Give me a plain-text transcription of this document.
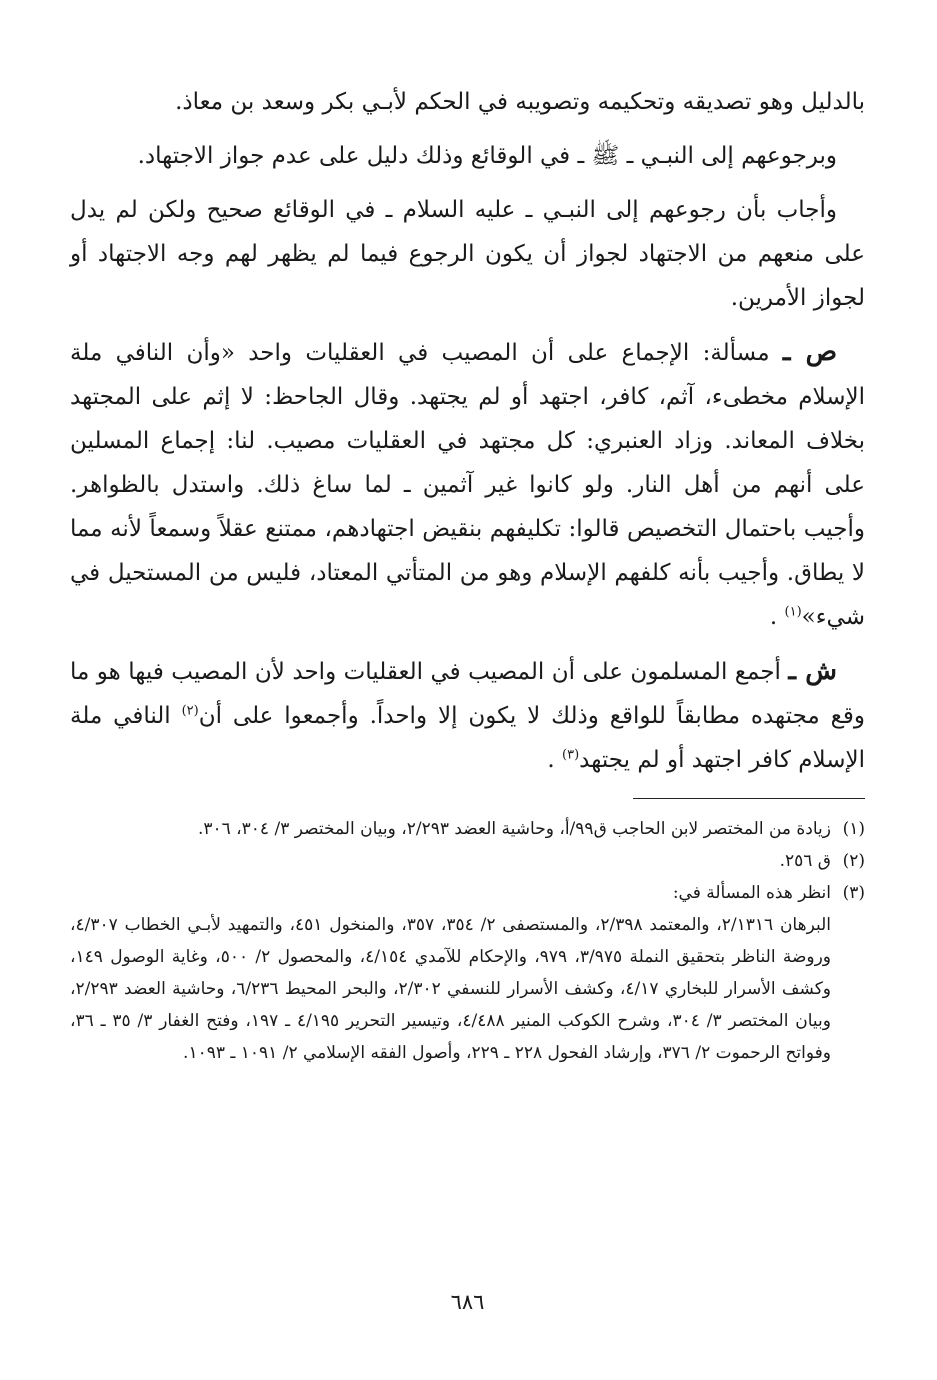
بالدليل وهو تصديقه وتحكيمه وتصويبه في الحكم لأبـي بكر وسعد بن معاذ.

وبرجوعهم إلى النبـي ـ ﷺ ـ في الوقائع وذلك دليل على عدم جواز الاجتهاد.

وأجاب بأن رجوعهم إلى النبـي ـ عليه السلام ـ في الوقائع صحيح ولكن لم يدل على منعهم من الاجتهاد لجواز أن يكون الرجوع فيما لم يظهر لهم وجه الاجتهاد أو لجواز الأمرين.

ص ـ مسألة: الإجماع على أن المصيب في العقليات واحد «وأن النافي ملة الإسلام مخطىء، آثم، كافر، اجتهد أو لم يجتهد. وقال الجاحظ: لا إثم على المجتهد بخلاف المعاند. وزاد العنبري: كل مجتهد في العقليات مصيب. لنا: إجماع المسلين على أنهم من أهل النار. ولو كانوا غير آثمين ـ لما ساغ ذلك. واستدل بالظواهر. وأجيب باحتمال التخصيص قالوا: تكليفهم بنقيض اجتهادهم، ممتنع عقلاً وسمعاً لأنه مما لا يطاق. وأجيب بأنه كلفهم الإسلام وهو من المتأتي المعتاد، فليس من المستحيل في شيء»$^{(١)}$ .

ش ـ أجمع المسلمون على أن المصيب في العقليات واحد لأن المصيب فيها هو ما وقع مجتهده مطابقاً للواقع وذلك لا يكون إلا واحداً. وأجمعوا على أن$^{(٢)}$ النافي ملة الإسلام كافر اجتهد أو لم يجتهد$^{(٣)}$ .

(١)
زيادة من المختصر لابن الحاجب ق٩٩/أ، وحاشية العضد ٢/٢٩٣، وبيان المختصر ٣/ ٣٠٤، ٣٠٦.
(٢)
ق ٢٥٦.
(٣)
انظر هذه المسألة في:

البرهان ٢/١٣١٦، والمعتمد ٢/٣٩٨، والمستصفى ٢/ ٣٥٤، ٣٥٧، والمنخول ٤٥١، والتمهيد لأبـي الخطاب ٤/٣٠٧، وروضة الناظر بتحقيق النملة ٣/٩٧٥، ٩٧٩، والإحكام للآمدي ٤/١٥٤، والمحصول ٢/ ٥٠٠، وغاية الوصول ١٤٩، وكشف الأسرار للبخاري ٤/١٧، وكشف الأسرار للنسفي ٢/٣٠٢، والبحر المحيط ٦/٢٣٦، وحاشية العضد ٢/٢٩٣، وبيان المختصر ٣/ ٣٠٤، وشرح الكوكب المنير ٤/٤٨٨، وتيسير التحرير ٤/١٩٥ ـ ١٩٧، وفتح الغفار ٣/ ٣٥ ـ ٣٦، وفواتح الرحموت ٢/ ٣٧٦، وإرشاد الفحول ٢٢٨ ـ ٢٢٩، وأصول الفقه الإسلامي ٢/ ١٠٩١ ـ ١٠٩٣.

٦٨٦
